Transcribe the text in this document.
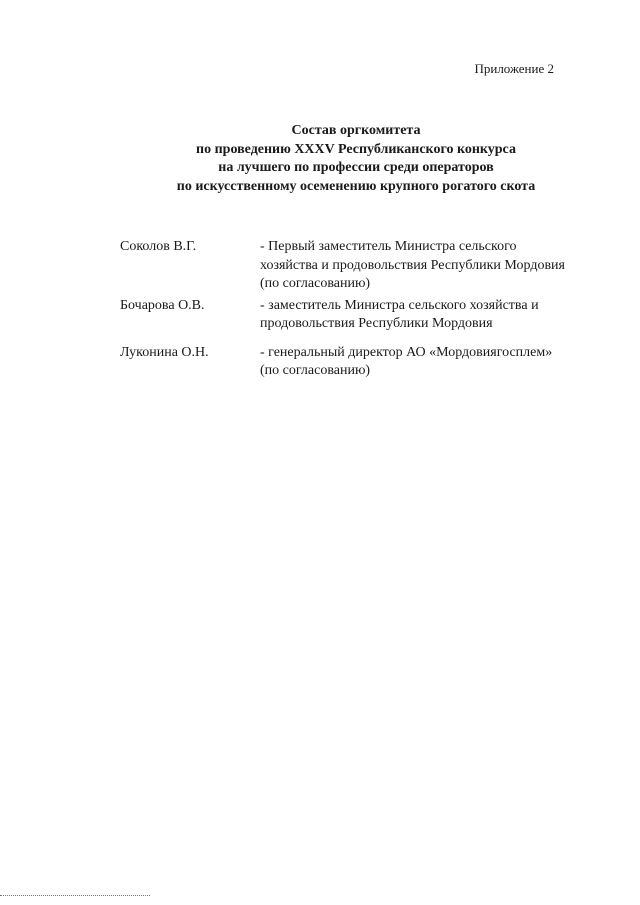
Приложение 2
Состав оргкомитета
по проведению XXXV Республиканского конкурса
на лучшего по профессии среди операторов
по искусственному осеменению крупного рогатого скота
Соколов В.Г.	- Первый заместитель Министра сельского
хозяйства и продовольствия Республики Мордовия
(по согласованию)
Бочарова О.В.	- заместитель Министра сельского хозяйства и
продовольствия Республики Мордовия
Луконина О.Н.	- генеральный директор АО «Мордовиягосплем»
(по согласованию)
